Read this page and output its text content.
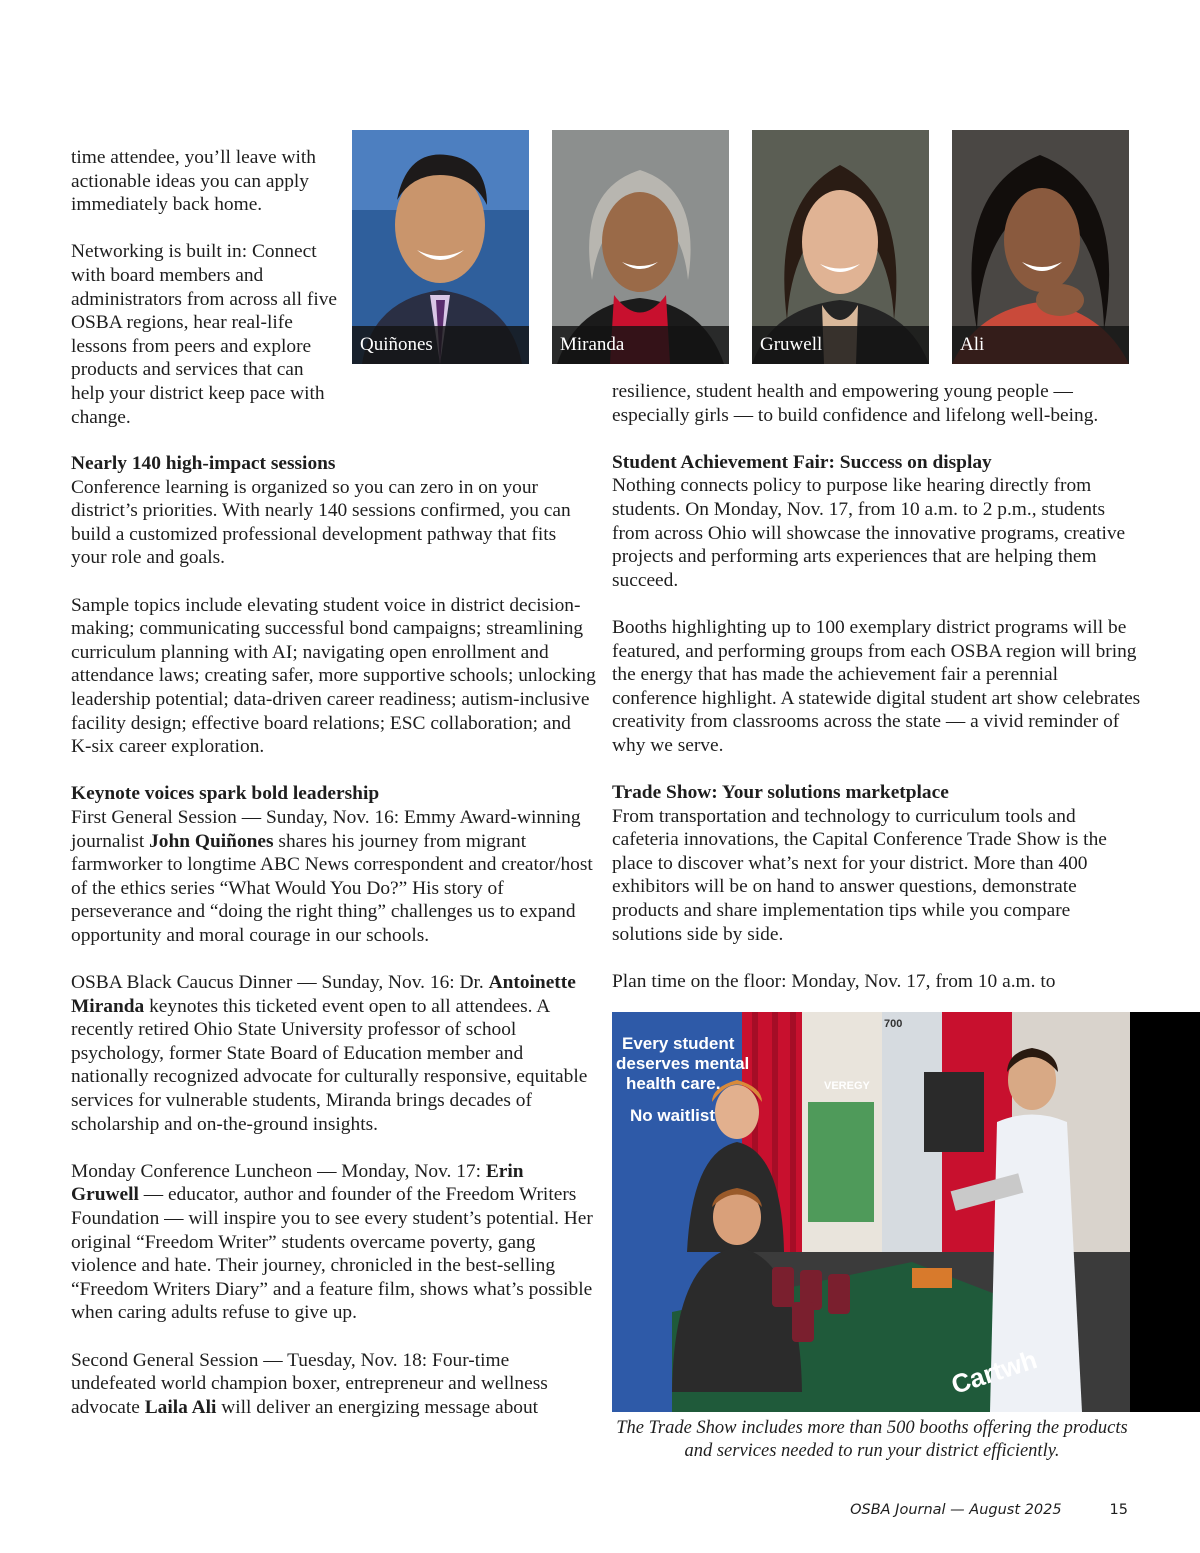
time attendee, you’ll leave with actionable ideas you can apply immediately back home.

Networking is built in: Connect with board members and administrators from across all five OSBA regions, hear real-life lessons from peers and explore products and services that can help your district keep pace with change.

Quiñones	Miranda	Gruwell	Ali
Nearly 140 high-impact sessions

Conference learning is organized so you can zero in on your district’s priorities. With nearly 140 sessions confirmed, you can build a customized professional development pathway that fits your role and goals.

Sample topics include elevating student voice in district decision-making; communicating successful bond campaigns; streamlining curriculum planning with AI; navigating open enrollment and attendance laws; creating safer, more supportive schools; unlocking leadership potential; data-driven career readiness; autism-inclusive facility design; effective board relations; ESC collaboration; and K-six career exploration.

Keynote voices spark bold leadership

First General Session — Sunday, Nov. 16: Emmy Award-winning journalist John Quiñones shares his journey from migrant farmworker to longtime ABC News correspondent and creator/host of the ethics series “What Would You Do?” His story of perseverance and “doing the right thing” challenges us to expand opportunity and moral courage in our schools.

OSBA Black Caucus Dinner — Sunday, Nov. 16: Dr. Antoinette Miranda keynotes this ticketed event open to all attendees. A recently retired Ohio State University professor of school psychology, former State Board of Education member and nationally recognized advocate for culturally responsive, equitable services for vulnerable students, Miranda brings decades of scholarship and on-the-ground insights.

Monday Conference Luncheon — Monday, Nov. 17: Erin Gruwell — educator, author and founder of the Freedom Writers Foundation — will inspire you to see every student’s potential. Her original “Freedom Writer” students overcame poverty, gang violence and hate. Their journey, chronicled in the best-selling “Freedom Writers Diary” and a feature film, shows what’s possible when caring adults refuse to give up.

Second General Session — Tuesday, Nov. 18: Four-time undefeated world champion boxer, entrepreneur and wellness advocate Laila Ali will deliver an energizing message about

resilience, student health and empowering young people — especially girls — to build confidence and lifelong well-being.

Student Achievement Fair: Success on display

Nothing connects policy to purpose like hearing directly from students. On Monday, Nov. 17, from 10 a.m. to 2 p.m., students from across Ohio will showcase the innovative programs, creative projects and performing arts experiences that are helping them succeed.

Booths highlighting up to 100 exemplary district programs will be featured, and performing groups from each OSBA region will bring the energy that has made the achievement fair a perennial conference highlight. A statewide digital student art show celebrates creativity from classrooms across the state — a vivid reminder of why we serve.

Trade Show: Your solutions marketplace

From transportation and technology to curriculum tools and cafeteria innovations, the Capital Conference Trade Show is the place to discover what’s next for your district. More than 400 exhibitors will be on hand to answer questions, demonstrate products and share implementation tips while you compare solutions side by side.

Plan time on the floor: Monday, Nov. 17, from 10 a.m. to

Every student
deserves mental
health care.
No waitlist
VEREGY
700
Cartwh
The Trade Show includes more than 500 booths offering the products and services needed to run your district efficiently.
OSBA Journal — August 2025	15
